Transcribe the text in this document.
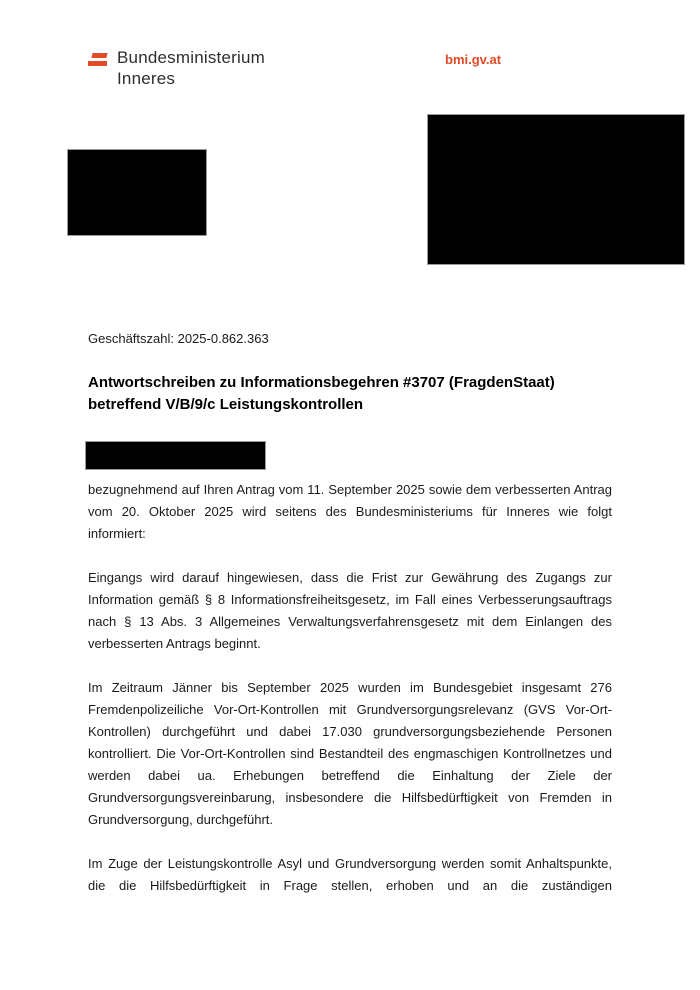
Bundesministerium
Inneres
bmi.gv.at
Geschäftszahl: 2025-0.862.363
Antwortschreiben zu Informationsbegehren #3707 (FragdenStaat)
betreffend V/B/9/c Leistungskontrollen
bezugnehmend auf Ihren Antrag vom 11. September 2025 sowie dem verbesserten Antrag
vom 20. Oktober 2025 wird seitens des Bundesministeriums für Inneres wie folgt
informiert:
Eingangs wird darauf hingewiesen, dass die Frist zur Gewährung des Zugangs zur
Information gemäß § 8 Informationsfreiheitsgesetz, im Fall eines Verbesserungsauftrags
nach § 13 Abs. 3 Allgemeines Verwaltungsverfahrensgesetz mit dem Einlangen des
verbesserten Antrags beginnt.
Im Zeitraum Jänner bis September 2025 wurden im Bundesgebiet insgesamt 276
Fremdenpolizeiliche Vor-Ort-Kontrollen mit Grundversorgungsrelevanz (GVS Vor-Ort-
Kontrollen) durchgeführt und dabei 17.030 grundversorgungsbeziehende Personen
kontrolliert. Die Vor-Ort-Kontrollen sind Bestandteil des engmaschigen Kontrollnetzes und
werden dabei ua. Erhebungen betreffend die Einhaltung der Ziele der
Grundversorgungsvereinbarung, insbesondere die Hilfsbedürftigkeit von Fremden in
Grundversorgung, durchgeführt.
Im Zuge der Leistungskontrolle Asyl und Grundversorgung werden somit Anhaltspunkte,
die die Hilfsbedürftigkeit in Frage stellen, erhoben und an die zuständigen
